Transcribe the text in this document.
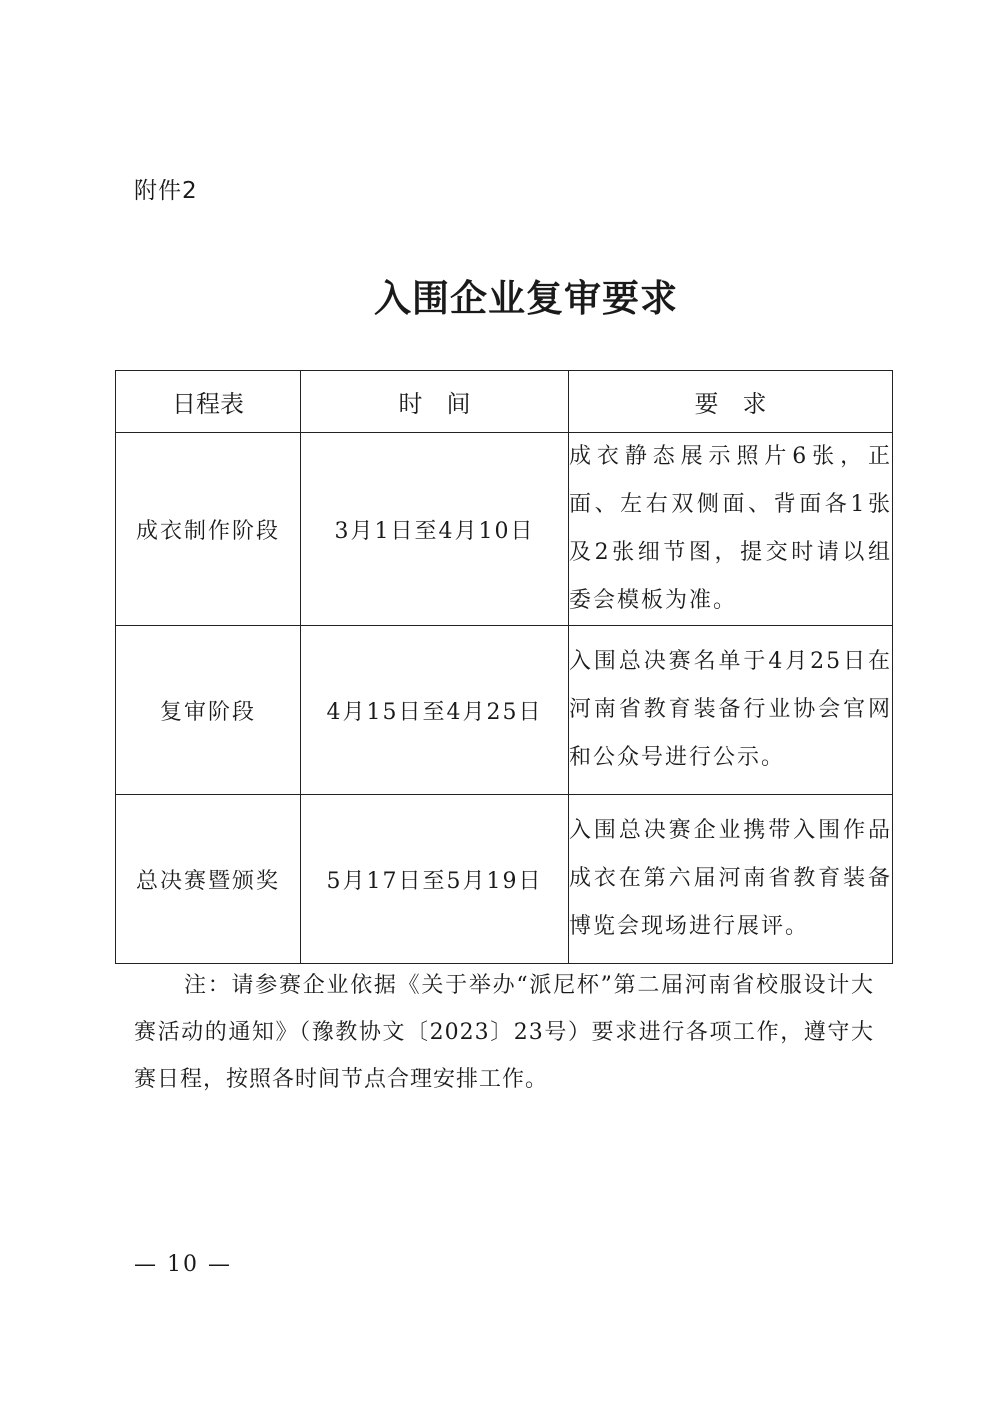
附件2
入围企业复审要求
日程表	时　间	要　求
成衣制作阶段	3月1日至4月10日	成衣静态展示照片6张，正面、左右双侧面、背面各1张及2张细节图，提交时请以组委会模板为准。
复审阶段	4月15日至4月25日	入围总决赛名单于4月25日在河南省教育装备行业协会官网和公众号进行公示。
总决赛暨颁奖	5月17日至5月19日	入围总决赛企业携带入围作品成衣在第六届河南省教育装备博览会现场进行展评。
注：请参赛企业依据《关于举办“派尼杯”第二届河南省校服设计大赛活动的通知》（豫教协文〔2023〕23号）要求进行各项工作，遵守大赛日程，按照各时间节点合理安排工作。
— 10 —
